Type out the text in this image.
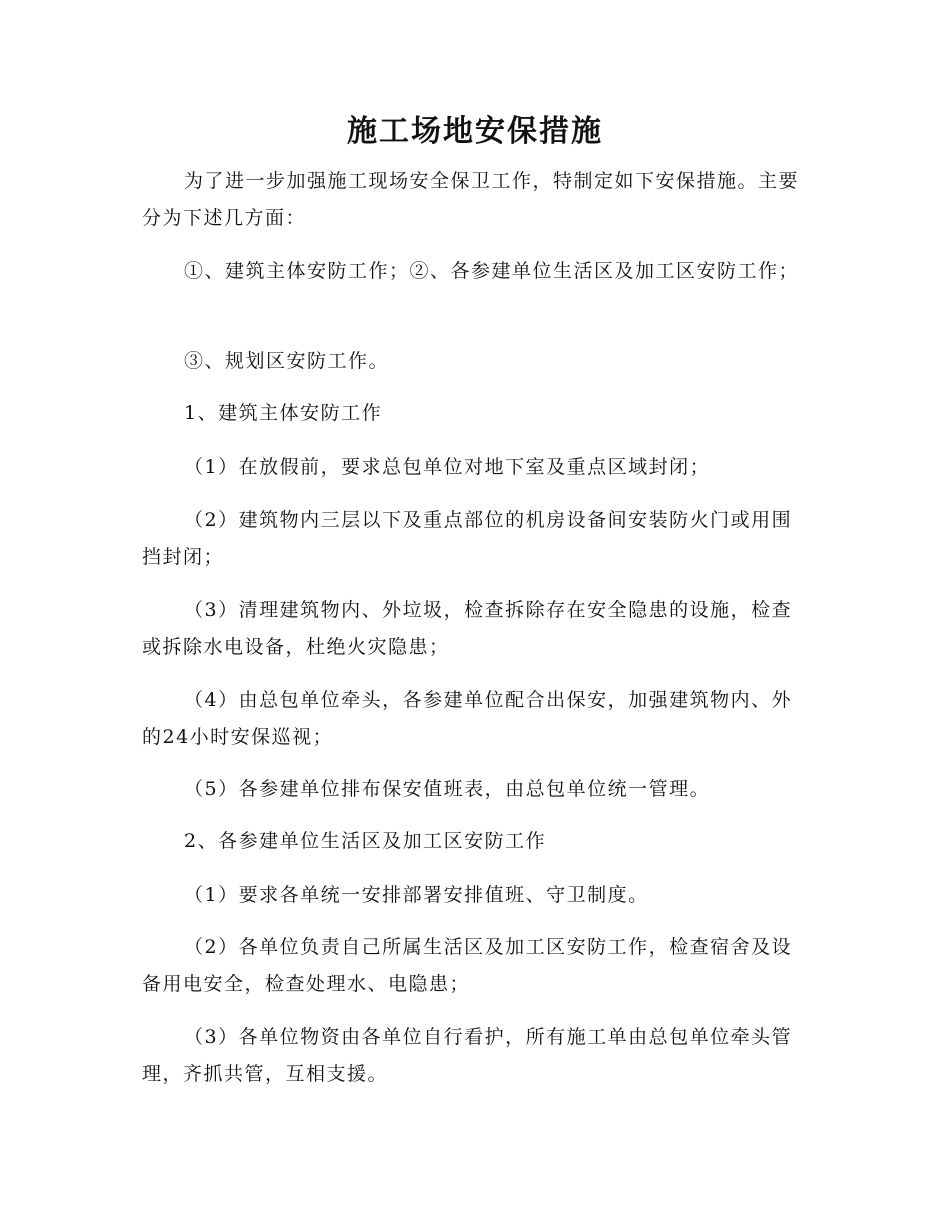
施工场地安保措施
为了进一步加强施工现场安全保卫工作，特制定如下安保措施。主要分为下述几方面：
①、建筑主体安防工作；②、各参建单位生活区及加工区安防工作；
③、规划区安防工作。
1、建筑主体安防工作
（1）在放假前，要求总包单位对地下室及重点区域封闭；
（2）建筑物内三层以下及重点部位的机房设备间安装防火门或用围 挡封闭；
（3）清理建筑物内、外垃圾，检查拆除存在安全隐患的设施，检查或拆除水电设备，杜绝火灾隐患；
（4）由总包单位牵头，各参建单位配合出保安，加强建筑物内、外的24小时安保巡视；
（5）各参建单位排布保安值班表，由总包单位统一管理。
2、各参建单位生活区及加工区安防工作
（1）要求各单统一安排部署安排值班、守卫制度。
（2）各单位负责自己所属生活区及加工区安防工作，检查宿舍及设备用电安全，检查处理水、电隐患；
（3）各单位物资由各单位自行看护，所有施工单由总包单位牵头管理，齐抓共管，互相支援。
